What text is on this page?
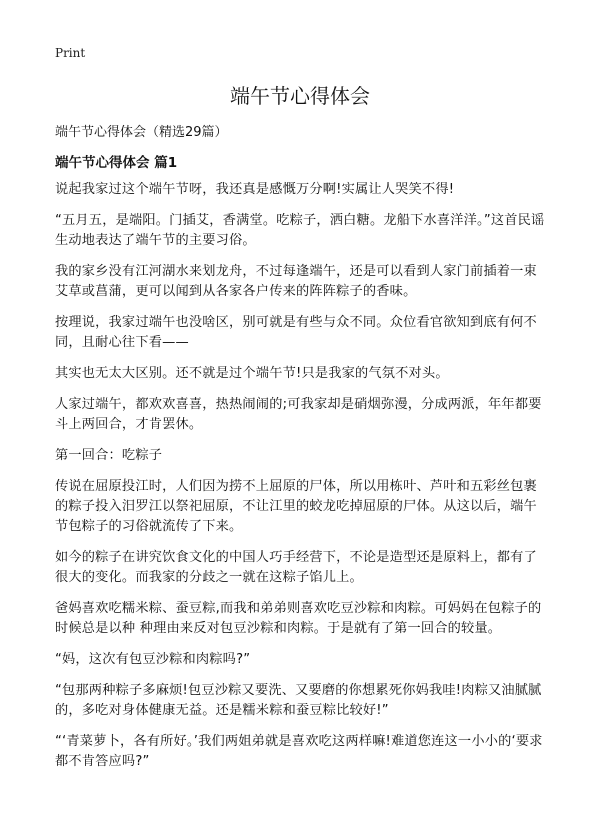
Print
端午节心得体会
端午节心得体会（精选29篇）
端午节心得体会 篇1

说起我家过这个端午节呀，我还真是感慨万分啊!实属让人哭笑不得!

“五月五，是端阳。门插艾，香满堂。吃粽子，洒白糖。龙船下水喜洋洋。”这首民谣生动地表达了端午节的主要习俗。

我的家乡没有江河湖水来划龙舟，不过每逢端午，还是可以看到人家门前插着一束艾草或菖蒲，更可以闻到从各家各户传来的阵阵粽子的香味。

按理说，我家过端午也没啥区，别可就是有些与众不同。众位看官欲知到底有何不同，且耐心往下看——

其实也无太大区别。还不就是过个端午节!只是我家的气氛不对头。

人家过端午，都欢欢喜喜，热热闹闹的;可我家却是硝烟弥漫，分成两派，年年都要斗上两回合，才肯罢休。

第一回合：吃粽子

传说在屈原投江时，人们因为捞不上屈原的尸体，所以用栋叶、芦叶和五彩丝包裹的粽子投入汨罗江以祭祀屈原，不让江里的蛟龙吃掉屈原的尸体。从这以后，端午节包粽子的习俗就流传了下来。

如今的粽子在讲究饮食文化的中国人巧手经营下，不论是造型还是原料上，都有了很大的变化。而我家的分歧之一就在这粽子馅儿上。

爸妈喜欢吃糯米粽、蚕豆粽,而我和弟弟则喜欢吃豆沙粽和肉粽。可妈妈在包粽子的时候总是以种 种理由来反对包豆沙粽和肉粽。于是就有了第一回合的较量。

“妈，这次有包豆沙粽和肉粽吗?”

“包那两种粽子多麻烦!包豆沙粽又要洗、又要磨的你想累死你妈我哇!肉粽又油腻腻的，多吃对身体健康无益。还是糯米粽和蚕豆粽比较好!”

“‘青菜萝卜，各有所好。’我们两姐弟就是喜欢吃这两样嘛!难道您连这一小小的‘要求都不肯答应吗?”
